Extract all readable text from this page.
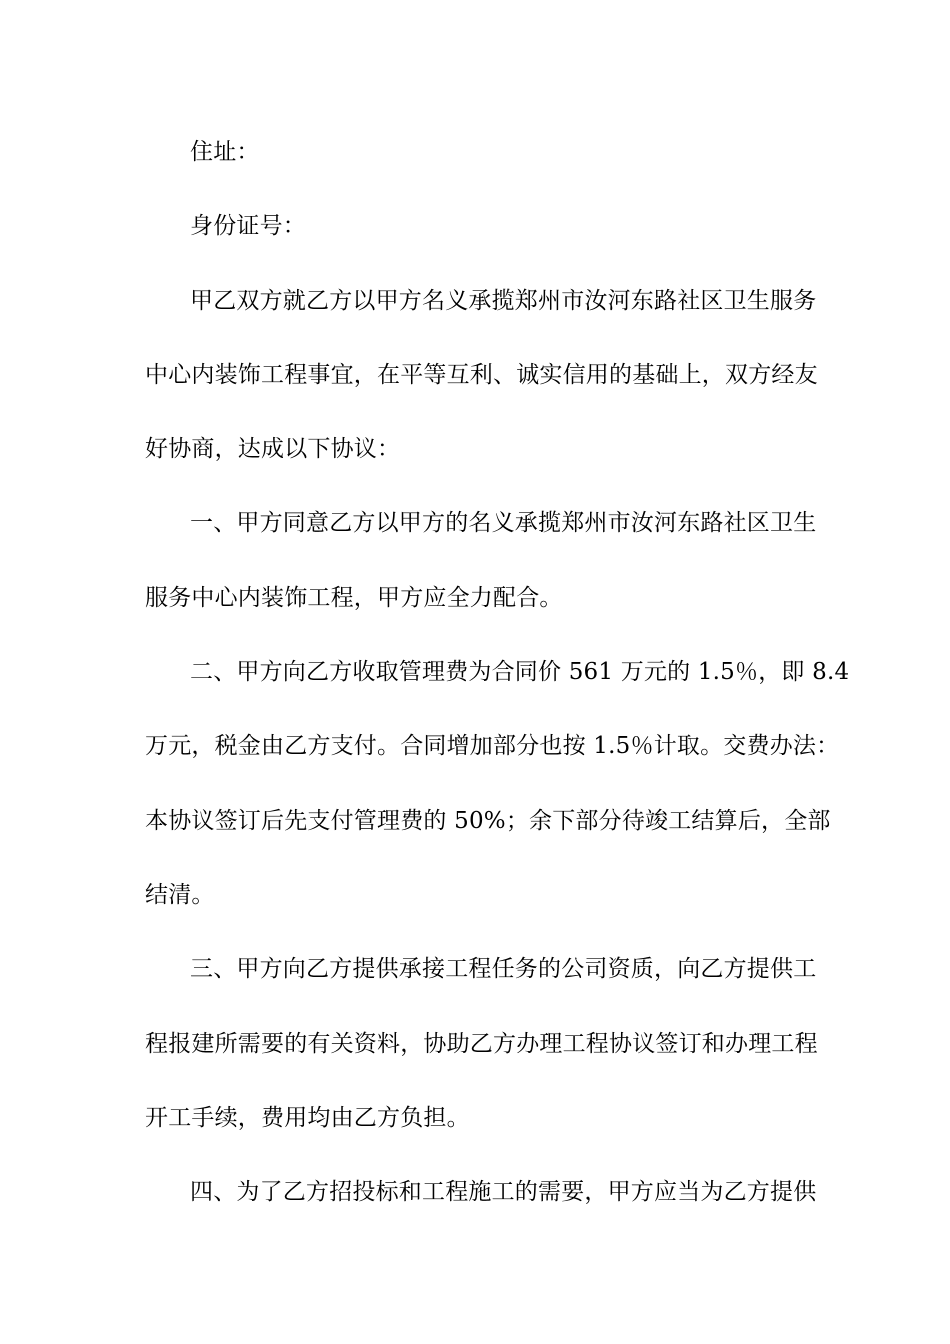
住址：
身份证号：
甲乙双方就乙方以甲方名义承揽郑州市汝河东路社区卫生服务
中心内装饰工程事宜，在平等互利、诚实信用的基础上，双方经友
好协商，达成以下协议：
一、甲方同意乙方以甲方的名义承揽郑州市汝河东路社区卫生
服务中心内装饰工程，甲方应全力配合。
二、甲方向乙方收取管理费为合同价 561 万元的 1.5％，即 8.4
万元，税金由乙方支付。合同增加部分也按 1.5％计取。交费办法：
本协议签订后先支付管理费的 50%；余下部分待竣工结算后，全部
结清。
三、甲方向乙方提供承接工程任务的公司资质，向乙方提供工
程报建所需要的有关资料，协助乙方办理工程协议签订和办理工程
开工手续，费用均由乙方负担。
四、为了乙方招投标和工程施工的需要，甲方应当为乙方提供
